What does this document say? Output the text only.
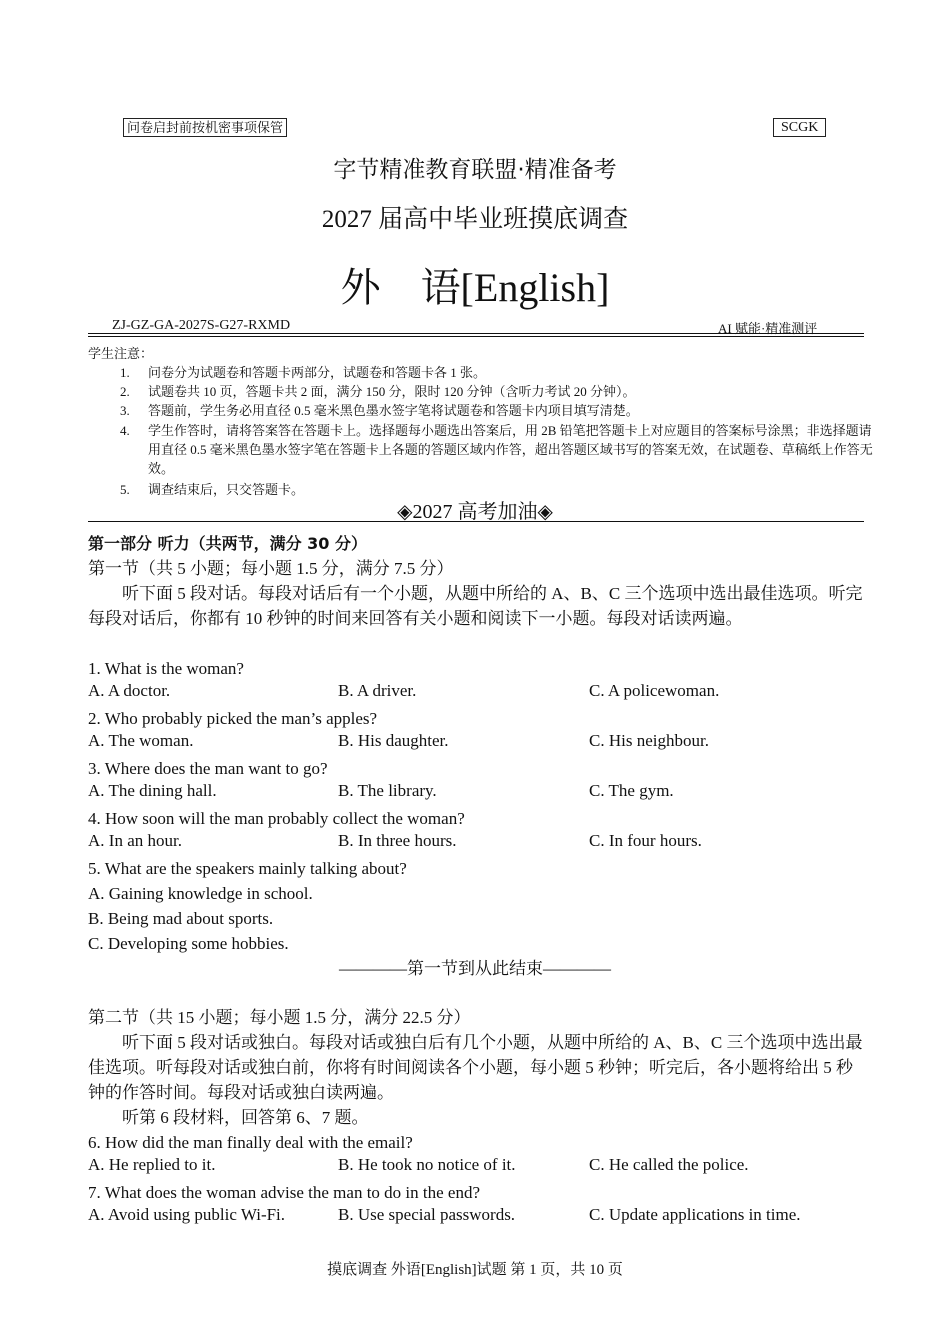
问卷启封前按机密事项保管	SCGK
字节精准教育联盟·精准备考
2027 届高中毕业班摸底调查
外 语[English]
ZJ-GZ-GA-2027S-G27-RXMD	AI 赋能·精准测评
学生注意：
1. 问卷分为试题卷和答题卡两部分，试题卷和答题卡各 1 张。
2. 试题卷共 10 页，答题卡共 2 面，满分 150 分，限时 120 分钟（含听力考试 20 分钟）。
3. 答题前，学生务必用直径 0.5 毫米黑色墨水签字笔将试题卷和答题卡内项目填写清楚。
4. 学生作答时，请将答案答在答题卡上。选择题每小题选出答案后，用 2B 铅笔把答题卡上对应题目的答案标号涂黑；非选择题请用直径 0.5 毫米黑色墨水签字笔在答题卡上各题的答题区域内作答，超出答题区域书写的答案无效，在试题卷、草稿纸上作答无效。
5. 调查结束后，只交答题卡。
◈2027 高考加油◈
第一部分 听力（共两节，满分 30 分）
第一节（共 5 小题；每小题 1.5 分，满分 7.5 分）
听下面 5 段对话。每段对话后有一个小题，从题中所给的 A、B、C 三个选项中选出最佳选项。听完每段对话后，你都有 10 秒钟的时间来回答有关小题和阅读下一小题。每段对话读两遍。
1. What is the woman?
A. A doctor.	B. A driver.	C. A policewoman.
2. Who probably picked the man’s apples?
A. The woman.	B. His daughter.	C. His neighbour.
3. Where does the man want to go?
A. The dining hall.	B. The library.	C. The gym.
4. How soon will the man probably collect the woman?
A. In an hour.	B. In three hours.	C. In four hours.
5. What are the speakers mainly talking about?
A. Gaining knowledge in school.
B. Being mad about sports.
C. Developing some hobbies.
————第一节到从此结束————
第二节（共 15 小题；每小题 1.5 分，满分 22.5 分）
听下面 5 段对话或独白。每段对话或独白后有几个小题，从题中所给的 A、B、C 三个选项中选出最佳选项。听每段对话或独白前，你将有时间阅读各个小题，每小题 5 秒钟；听完后，各小题将给出 5 秒钟的作答时间。每段对话或独白读两遍。
听第 6 段材料，回答第 6、7 题。
6. How did the man finally deal with the email?
A. He replied to it.	B. He took no notice of it.	C. He called the police.
7. What does the woman advise the man to do in the end?
A. Avoid using public Wi-Fi.	B. Use special passwords.	C. Update applications in time.
摸底调查 外语[English]试题 第 1 页，共 10 页
